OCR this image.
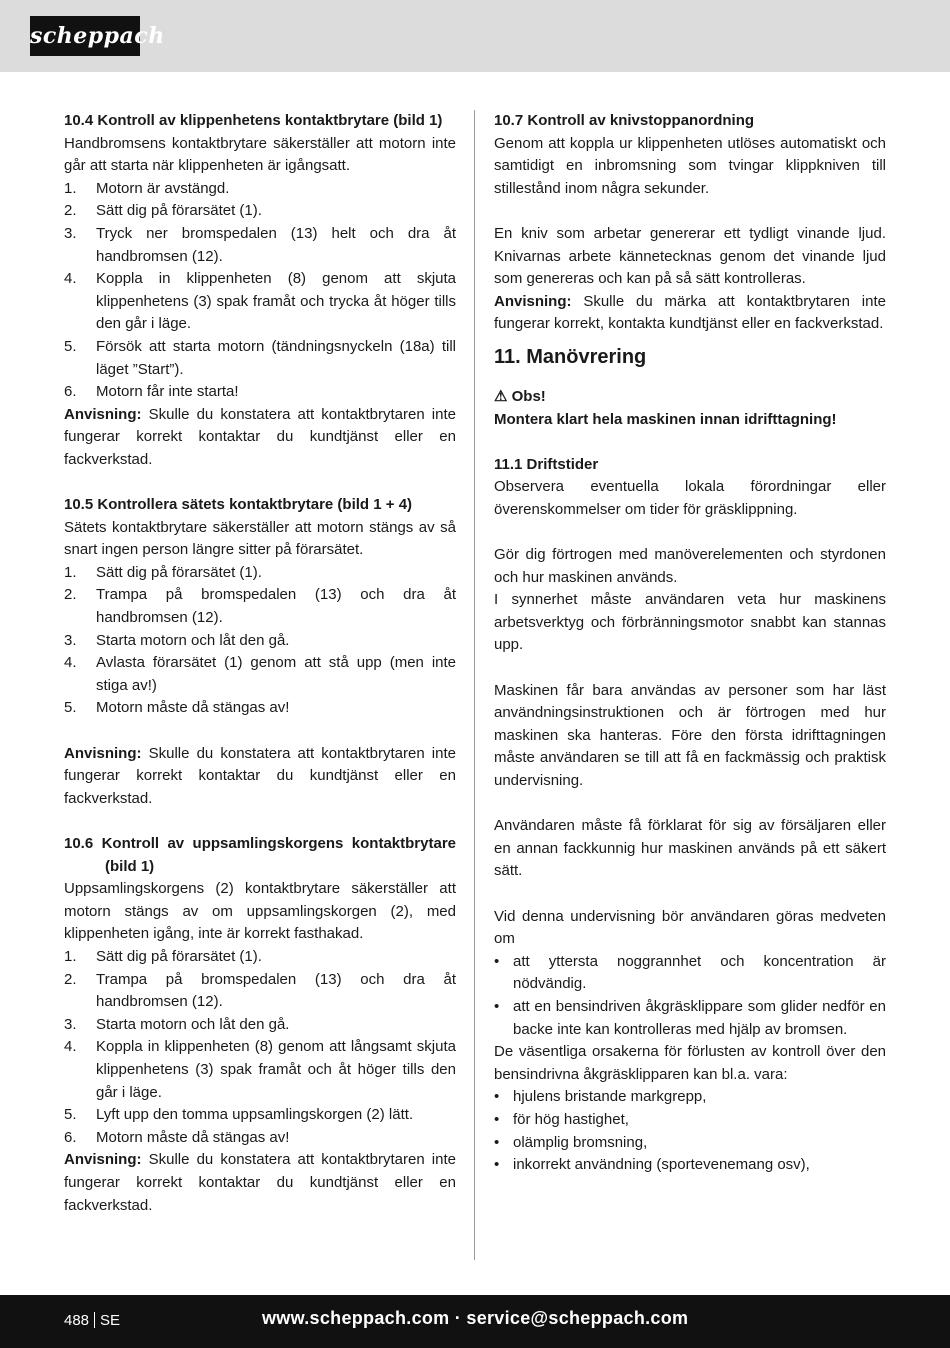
scheppach

10.4 Kontroll av klippenhetens kontaktbrytare (bild 1)

Handbromsens kontaktbrytare säkerställer att motorn inte går att starta när klippenheten är igångsatt.

1. Motorn är avstängd.
2. Sätt dig på förarsätet (1).
3. Tryck ner bromspedalen (13) helt och dra åt handbromsen (12).
4. Koppla in klippenheten (8) genom att skjuta klippenhetens (3) spak framåt och trycka åt höger tills den går i läge.
5. Försök att starta motorn (tändningsnyckeln (18a) till läget ”Start”).
6. Motorn får inte starta!

Anvisning: Skulle du konstatera att kontaktbrytaren inte fungerar korrekt kontaktar du kundtjänst eller en fackverkstad.

10.5 Kontrollera sätets kontaktbrytare (bild 1 + 4)

Sätets kontaktbrytare säkerställer att motorn stängs av så snart ingen person längre sitter på förarsätet.

1. Sätt dig på förarsätet (1).
2. Trampa på bromspedalen (13) och dra åt handbromsen (12).
3. Starta motorn och låt den gå.
4. Avlasta förarsätet (1) genom att stå upp (men inte stiga av!)
5. Motorn måste då stängas av!

Anvisning: Skulle du konstatera att kontaktbrytaren inte fungerar korrekt kontaktar du kundtjänst eller en fackverkstad.

10.6 Kontroll av uppsamlingskorgens kontaktbrytare (bild 1)

Uppsamlingskorgens (2) kontaktbrytare säkerställer att motorn stängs av om uppsamlingskorgen (2), med klippenheten igång, inte är korrekt fasthakad.

1. Sätt dig på förarsätet (1).
2. Trampa på bromspedalen (13) och dra åt handbromsen (12).
3. Starta motorn och låt den gå.
4. Koppla in klippenheten (8) genom att långsamt skjuta klippenhetens (3) spak framåt och åt höger tills den går i läge.
5. Lyft upp den tomma uppsamlingskorgen (2) lätt.
6. Motorn måste då stängas av!

Anvisning: Skulle du konstatera att kontaktbrytaren inte fungerar korrekt kontaktar du kundtjänst eller en fackverkstad.

10.7 Kontroll av knivstoppanordning

Genom att koppla ur klippenheten utlöses automatiskt och samtidigt en inbromsning som tvingar klippkniven till stillestånd inom några sekunder.

En kniv som arbetar genererar ett tydligt vinande ljud. Knivarnas arbete kännetecknas genom det vinande ljud som genereras och kan på så sätt kontrolleras.

Anvisning: Skulle du märka att kontaktbrytaren inte fungerar korrekt, kontakta kundtjänst eller en fackverkstad.

11. Manövrering

⚠ Obs!

Montera klart hela maskinen innan idrifttagning!

11.1 Driftstider

Observera eventuella lokala förordningar eller överenskommelser om tider för gräsklippning.

Gör dig förtrogen med manöverelementen och styrdonen och hur maskinen används.

I synnerhet måste användaren veta hur maskinens arbetsverktyg och förbränningsmotor snabbt kan stannas upp.

Maskinen får bara användas av personer som har läst användningsinstruktionen och är förtrogen med hur maskinen ska hanteras. Före den första idrifttagningen måste användaren se till att få en fackmässig och praktisk undervisning.

Användaren måste få förklarat för sig av försäljaren eller en annan fackkunnig hur maskinen används på ett säkert sätt.

Vid denna undervisning bör användaren göras medveten om

• att yttersta noggrannhet och koncentration är nödvändig.
• att en bensindriven åkgräsklippare som glider nedför en backe inte kan kontrolleras med hjälp av bromsen.

De väsentliga orsakerna för förlusten av kontroll över den bensindrivna åkgräsklipparen kan bl.a. vara:

• hjulens bristande markgrepp,
• för hög hastighet,
• olämplig bromsning,
• inkorrekt användning (sportevenemang osv),
488 SE	www.scheppach.com · service@scheppach.com
